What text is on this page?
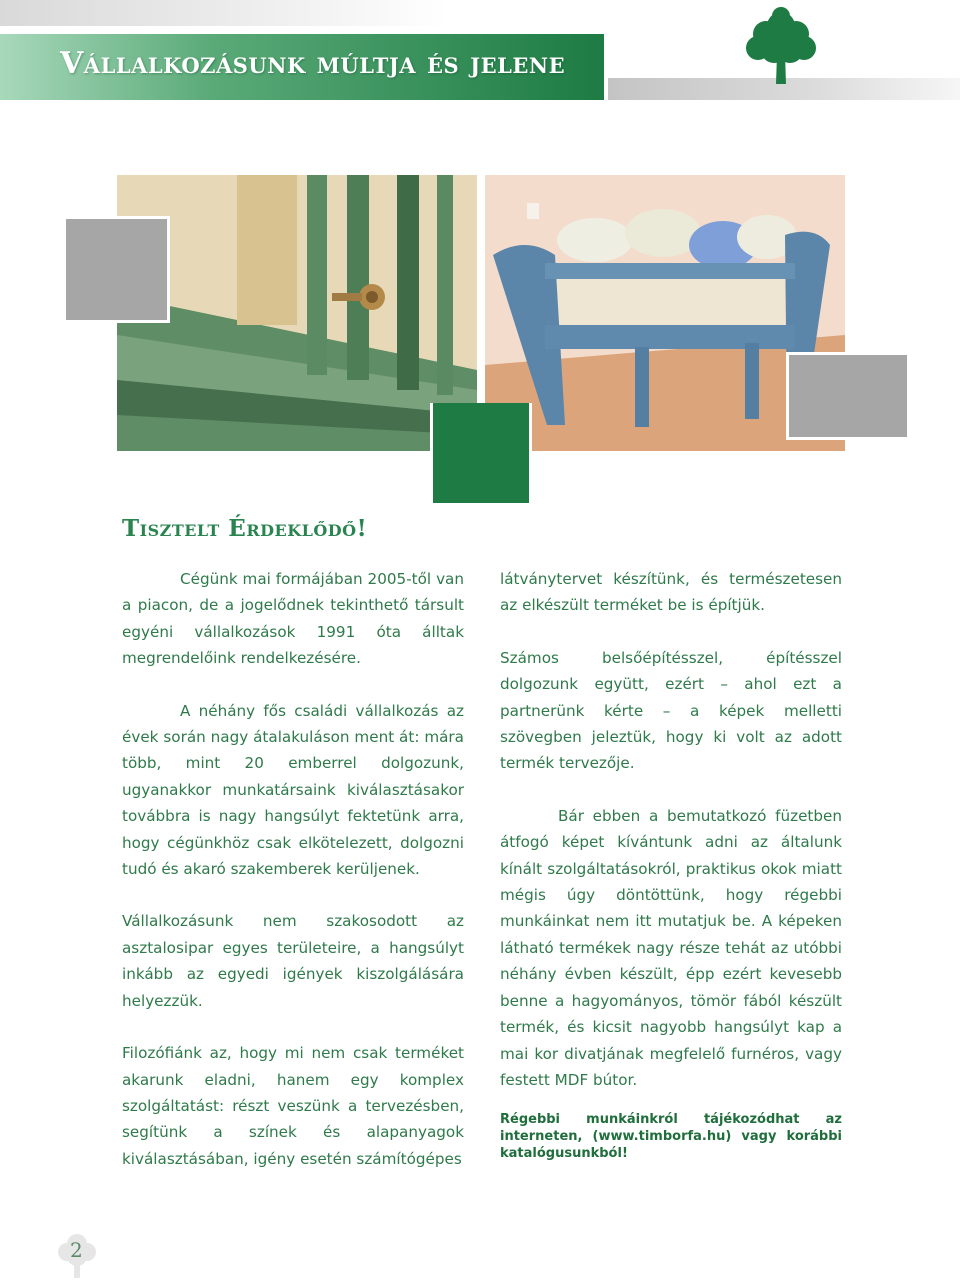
Vállalkozásunk múltja és jelene
Tisztelt Érdeklődő!

Cégünk mai formájában 2005-től van a piacon, de a jogelődnek tekinthető társult egyéni vállalkozások 1991 óta álltak megrendelőink rendelkezésére.

A néhány fős családi vállalkozás az évek során nagy átalakuláson ment át: mára több, mint 20 emberrel dolgozunk, ugyanakkor munkatársaink kiválasztásakor továbbra is nagy hangsúlyt fektetünk arra, hogy cégünkhöz csak elkötelezett, dolgozni tudó és akaró szakemberek kerüljenek.

Vállalkozásunk nem szakosodott az asztalosipar egyes területeire, a hangsúlyt inkább az egyedi igények kiszolgálására helyezzük.

Filozófiánk az, hogy mi nem csak terméket akarunk eladni, hanem egy komplex szolgáltatást: részt veszünk a tervezésben, segítünk a színek és alapanyagok kiválasztásában, igény esetén számítógépes

látványtervet készítünk, és természetesen az elkészült terméket be is építjük.

Számos belsőépítésszel, építésszel dolgozunk együtt, ezért – ahol ezt a partnerünk kérte – a képek melletti szövegben jeleztük, hogy ki volt az adott termék tervezője.

Bár ebben a bemutatkozó füzetben átfogó képet kívántunk adni az általunk kínált szolgáltatásokról, praktikus okok miatt mégis úgy döntöttünk, hogy régebbi munkáinkat nem itt mutatjuk be. A képeken látható termékek nagy része tehát az utóbbi néhány évben készült, épp ezért kevesebb benne a hagyományos, tömör fából készült termék, és kicsit nagyobb hangsúlyt kap a mai kor divatjának megfelelő furnéros, vagy festett MDF bútor.

Régebbi munkáinkról tájékozódhat az interneten, (www.timborfa.hu) vagy korábbi katalógusunkból!

2
